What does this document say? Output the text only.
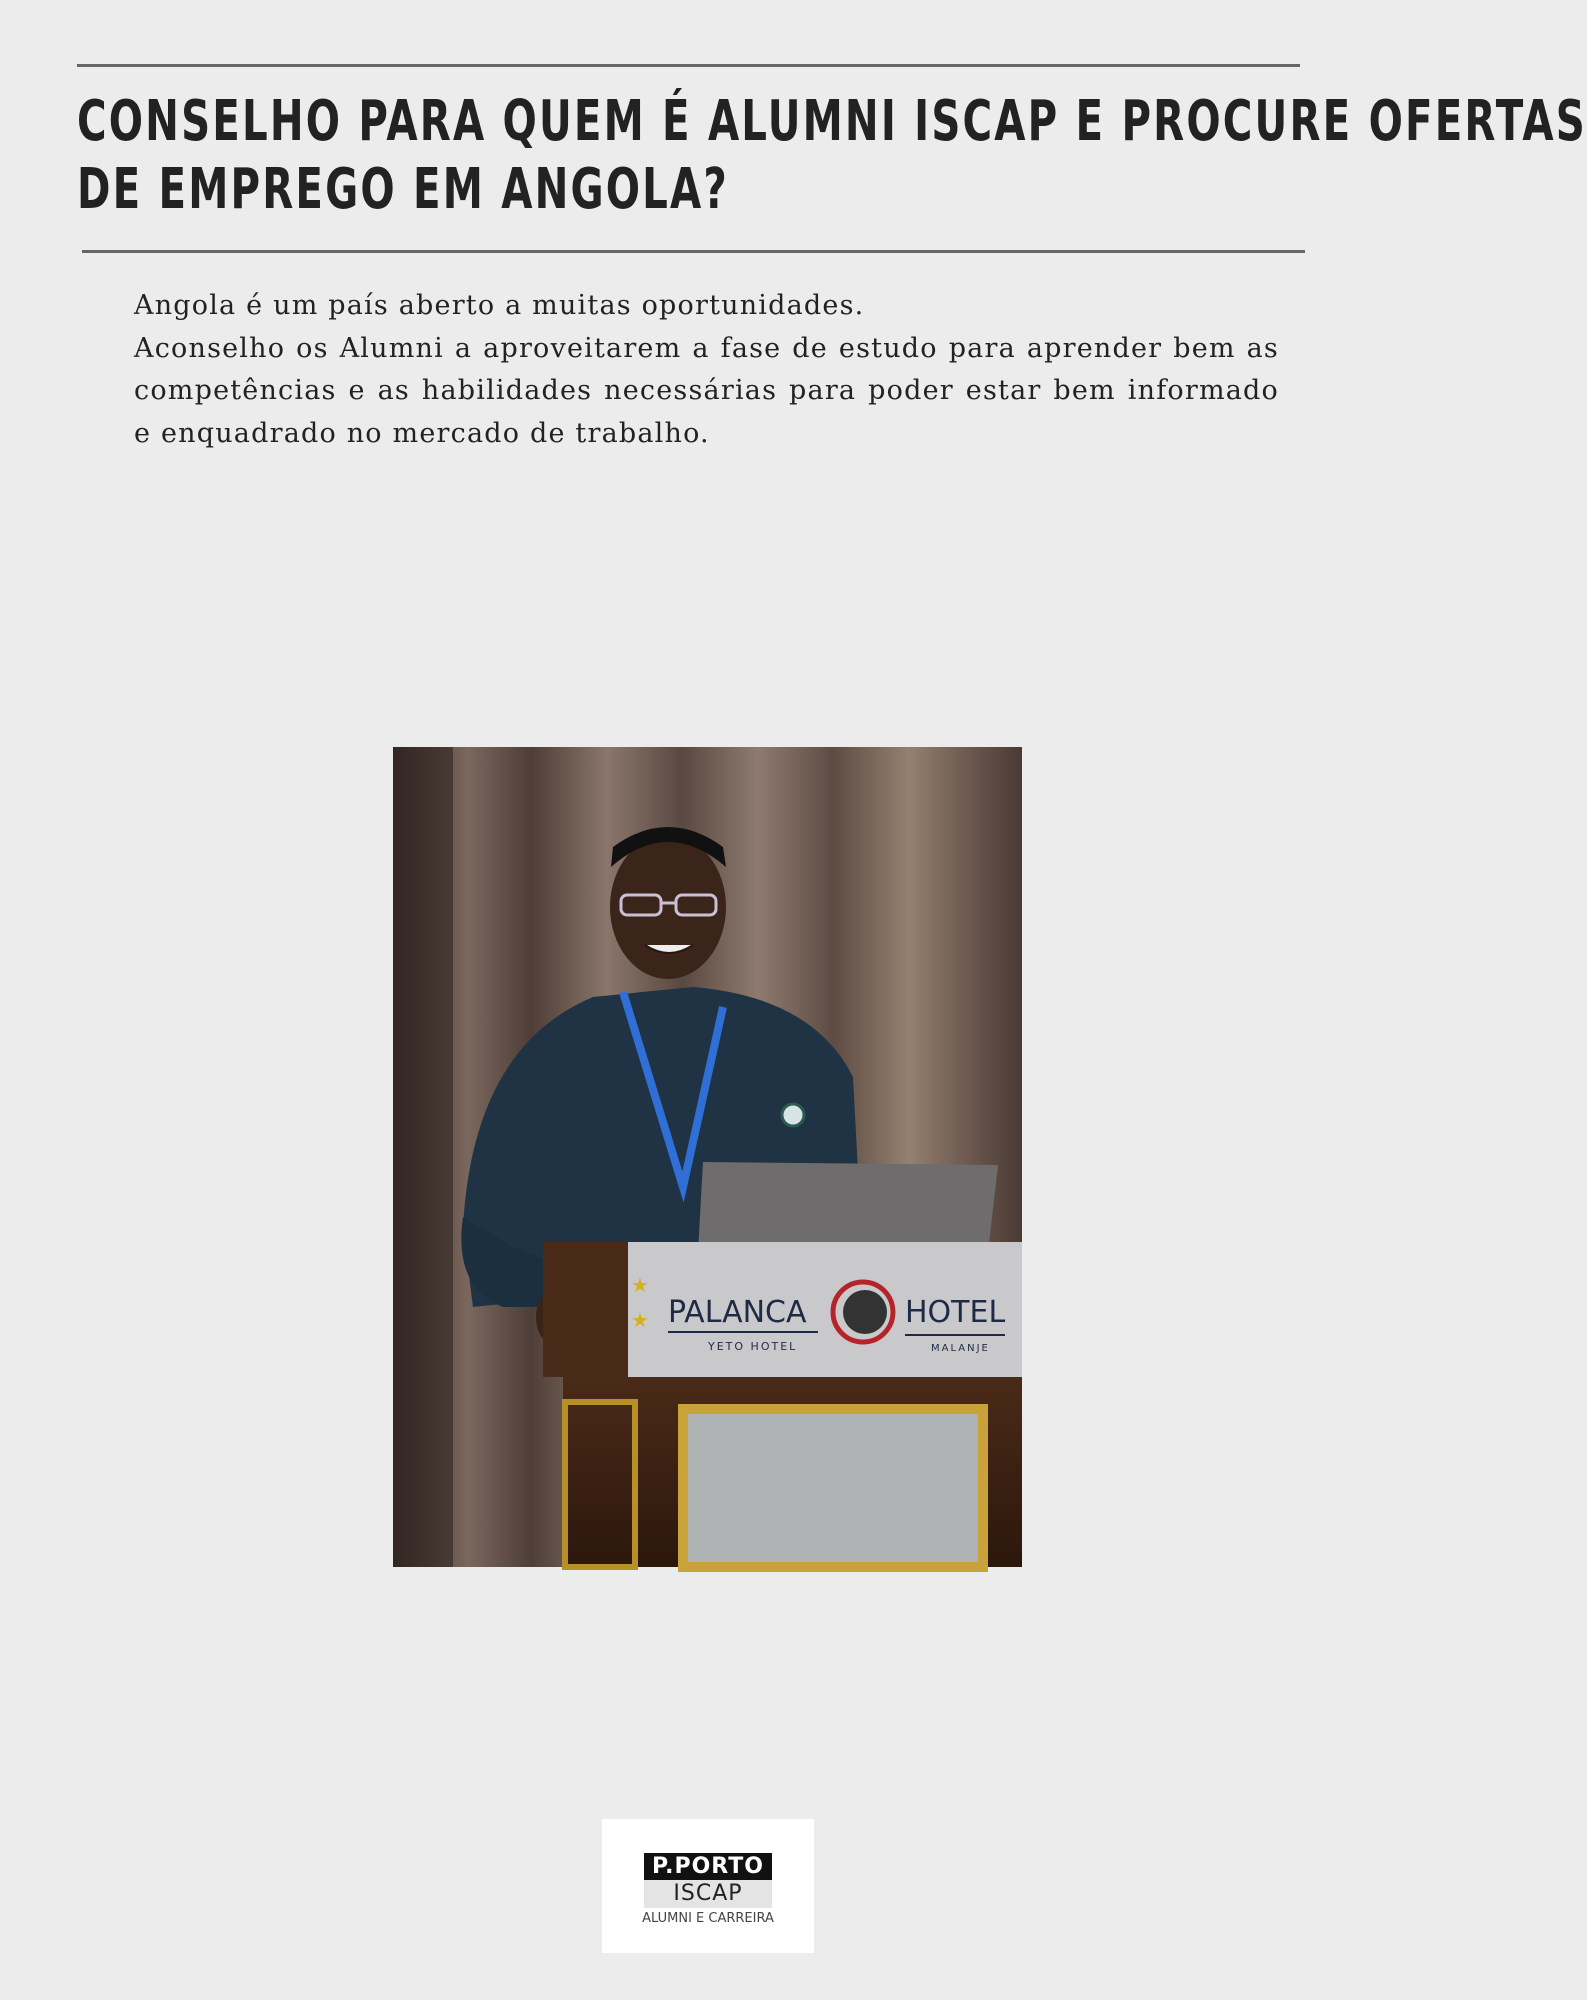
CONSELHO PARA QUEM É ALUMNI ISCAP E PROCURE OFERTAS
DE EMPREGO EM ANGOLA?

Angola é um país aberto a muitas oportunidades.

Aconselho os Alumni a aproveitarem a fase de estudo para aprender bem as competências e as habilidades necessárias para poder estar bem informado e enquadrado no mercado de trabalho.

★
★ PALANCA
YETO HOTEL
HOTEL
MALANJE
P.PORTO
ISCAP
ALUMNI E CARREIRA
